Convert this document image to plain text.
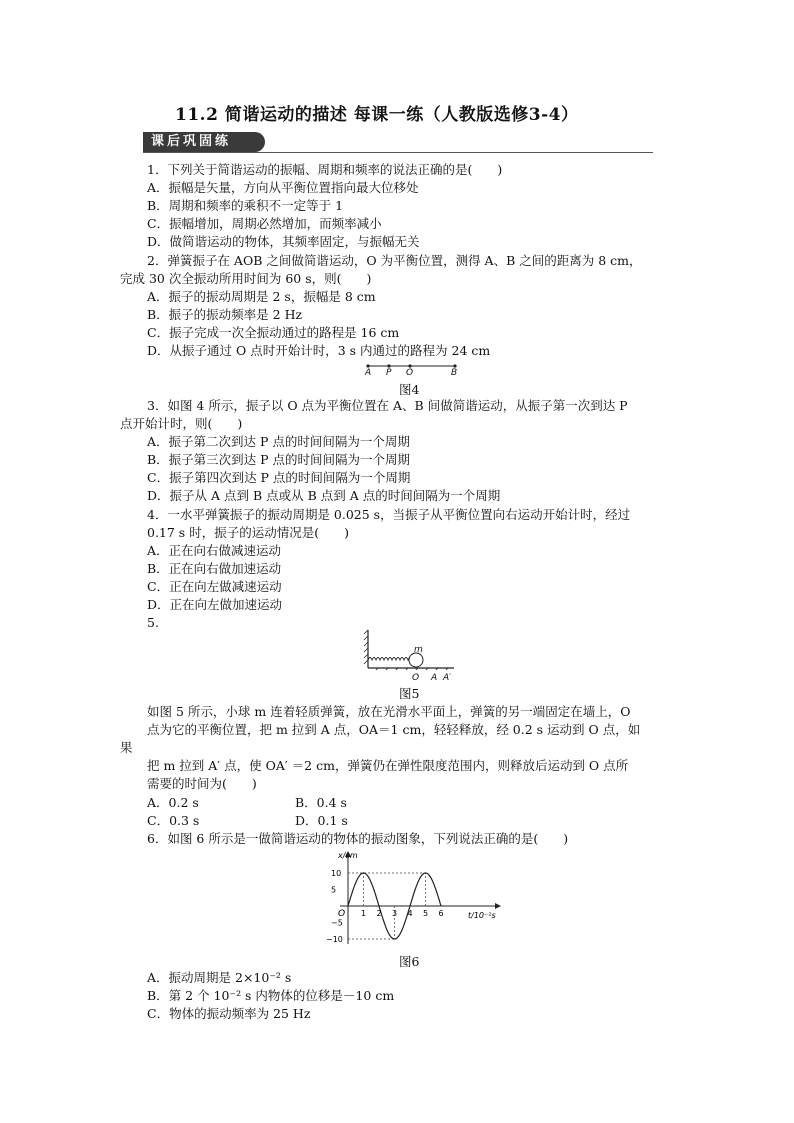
11.2 简谐运动的描述 每课一练（人教版选修3-4）
课后巩固练
1．下列关于简谐运动的振幅、周期和频率的说法正确的是(　　)
A．振幅是矢量，方向从平衡位置指向最大位移处
B．周期和频率的乘积不一定等于 1
C．振幅增加，周期必然增加，而频率减小
D．做简谐运动的物体，其频率固定，与振幅无关
2．弹簧振子在 AOB 之间做简谐运动，O 为平衡位置，测得 A、B 之间的距离为 8 cm，
完成 30 次全振动所用时间为 60 s，则(　　)
A．振子的振动周期是 2 s，振幅是 8 cm
B．振子的振动频率是 2 Hz
C．振子完成一次全振动通过的路程是 16 cm
D．从振子通过 O 点时开始计时，3 s 内通过的路程为 24 cm
A P O	B
图4
3．如图 4 所示，振子以 O 点为平衡位置在 A、B 间做简谐运动，从振子第一次到达 P
点开始计时，则(　　)
A．振子第二次到达 P 点的时间间隔为一个周期
B．振子第三次到达 P 点的时间间隔为一个周期
C．振子第四次到达 P 点的时间间隔为一个周期
D．振子从 A 点到 B 点或从 B 点到 A 点的时间间隔为一个周期
4．一水平弹簧振子的振动周期是 0.025 s，当振子从平衡位置向右运动开始计时，经过
0.17 s 时，振子的运动情况是(　　)
A．正在向右做减速运动
B．正在向右做加速运动
C．正在向左做减速运动
D．正在向左做加速运动
5.
m
O A A′
图5
如图 5 所示，小球 m 连着轻质弹簧，放在光滑水平面上，弹簧的另一端固定在墙上，O
点为它的平衡位置，把 m 拉到 A 点，OA＝1 cm，轻轻释放，经 0.2 s 运动到 O 点，如
果
把 m 拉到 A′ 点，使 OA′ ＝2 cm，弹簧仍在弹性限度范围内，则释放后运动到 O 点所
需要的时间为(　　)
A．0.2 s	B．0.4 s
C．0.3 s	D．0.1 s
6．如图 6 所示是一做简谐运动的物体的振动图象，下列说法正确的是(　　)
x/cm
t/10⁻²s
O
10
5
−5
−10
1 2 3 4 5 6
图6
A．振动周期是 2×10⁻² s
B．第 2 个 10⁻² s 内物体的位移是－10 cm
C．物体的振动频率为 25 Hz
